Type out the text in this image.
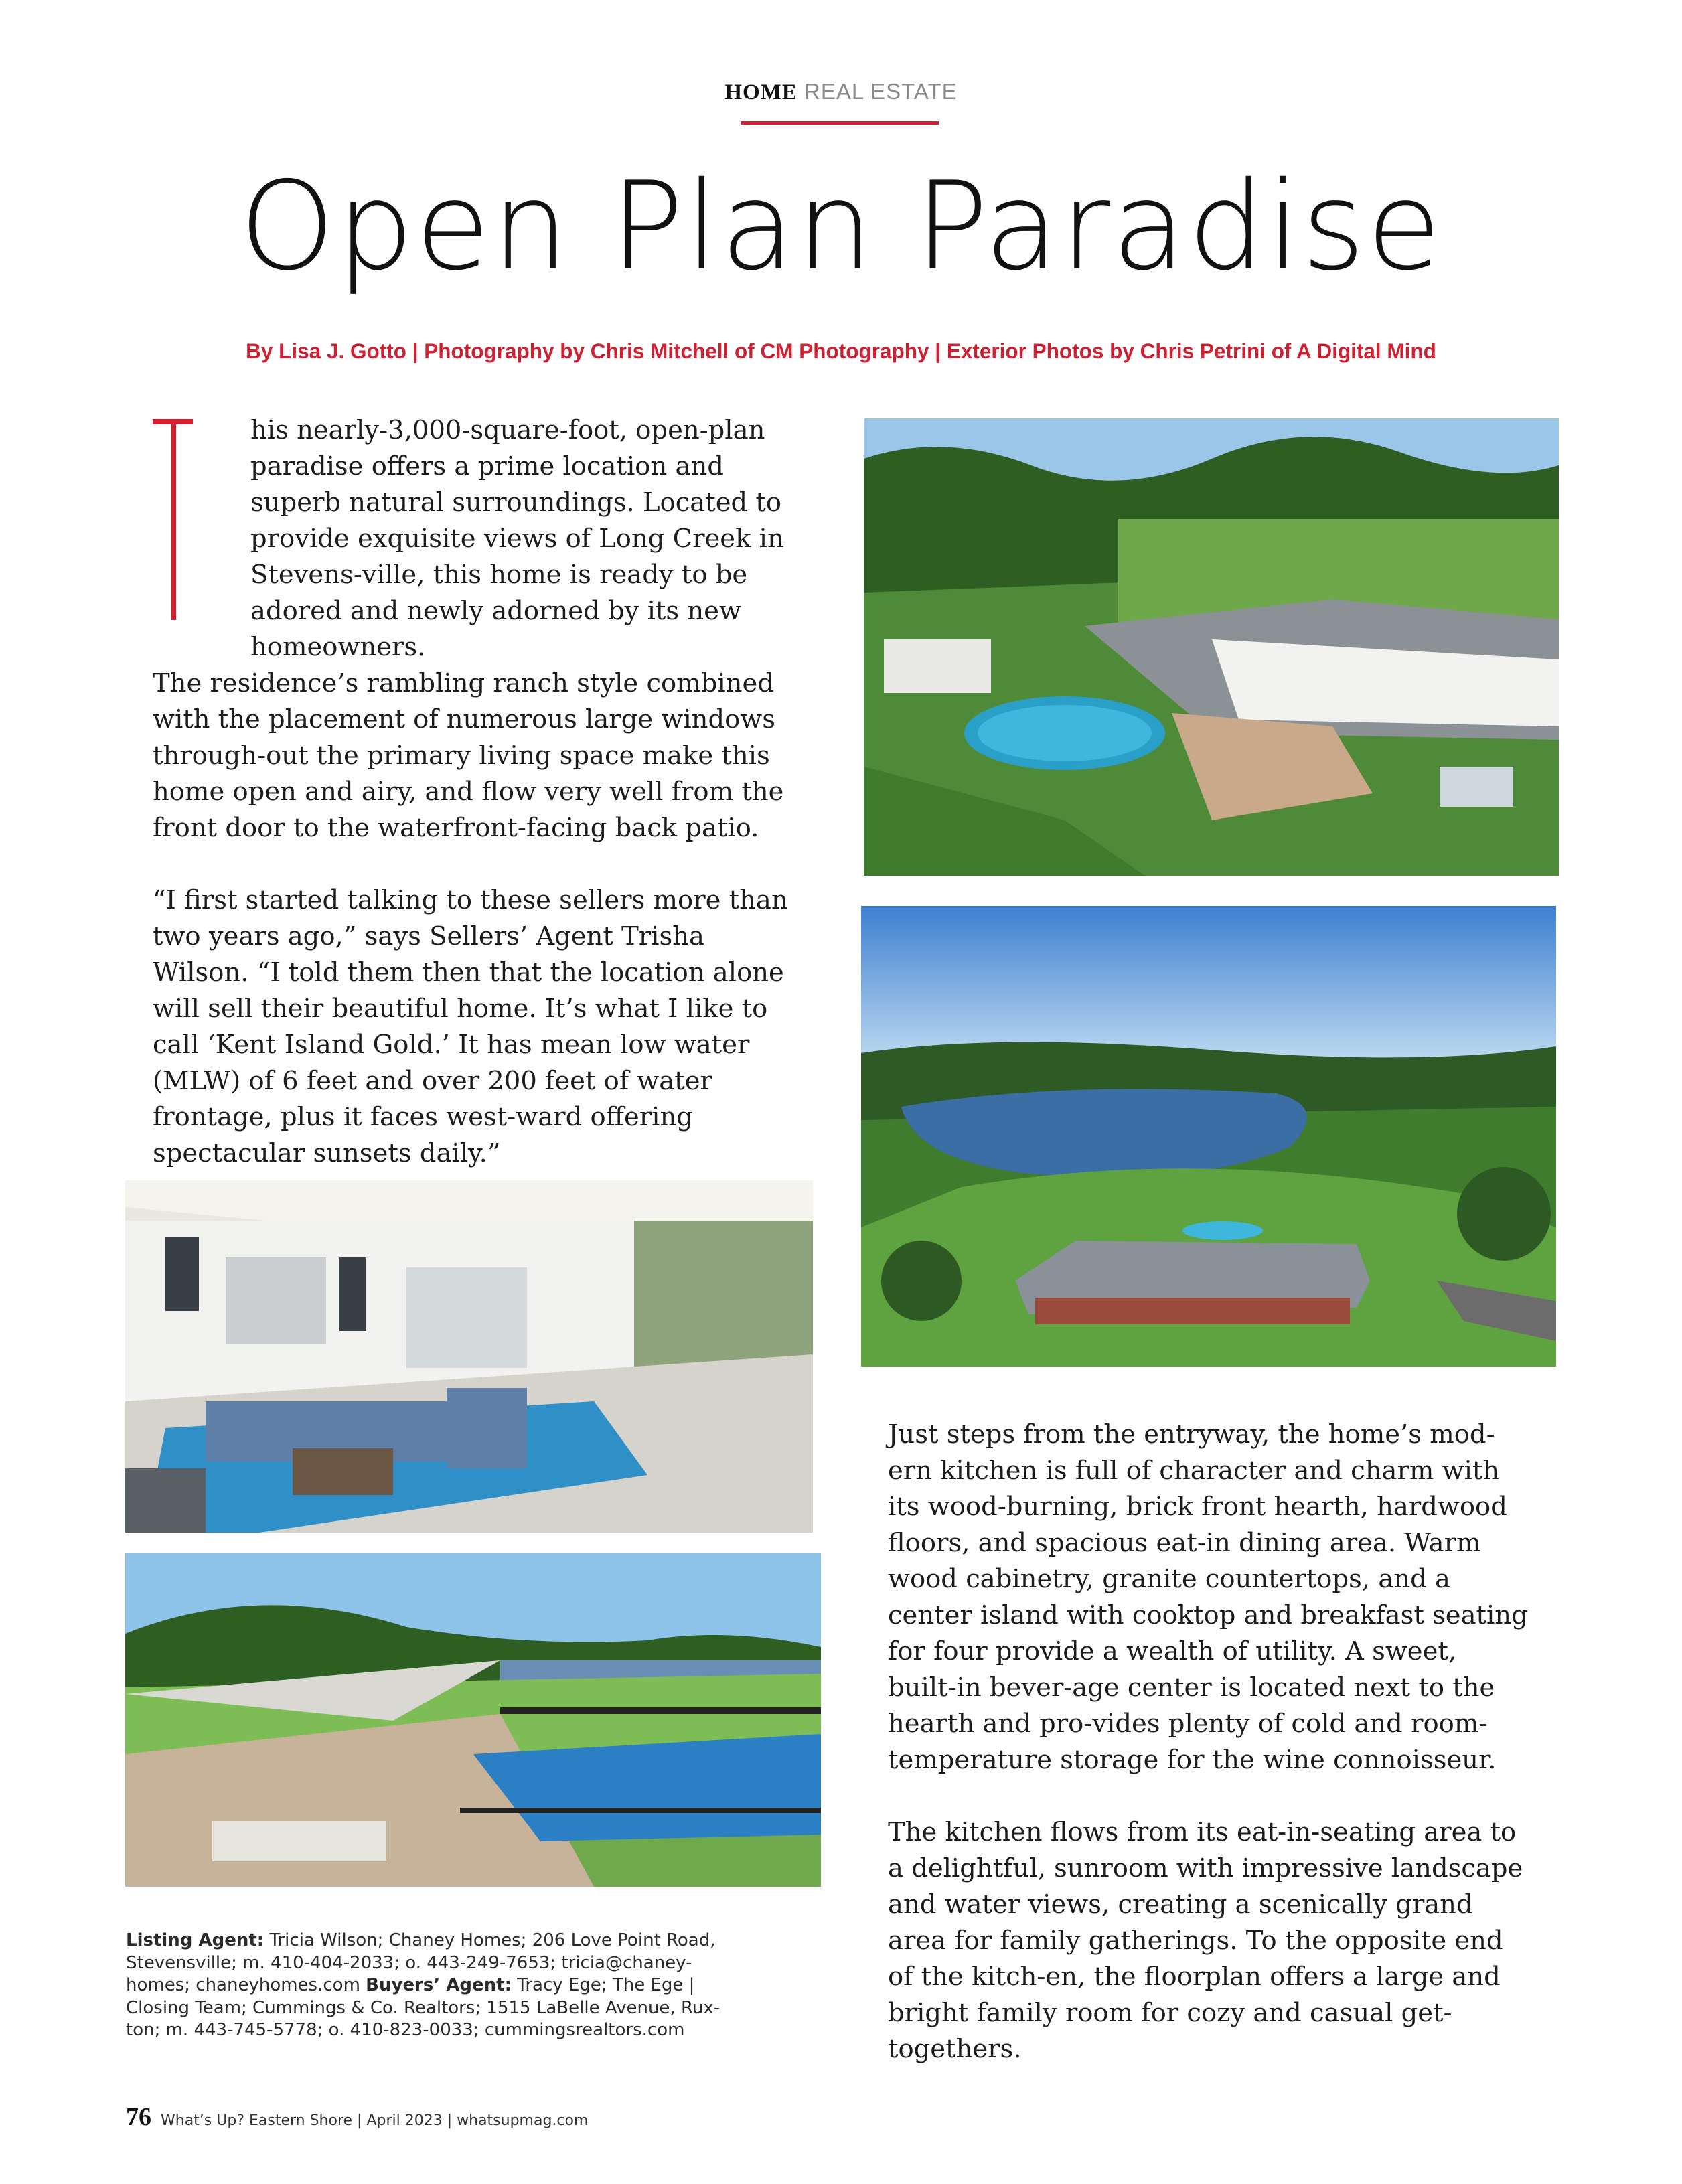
HOME REAL ESTATE
Open Plan Paradise
By Lisa J. Gotto | Photography by Chris Mitchell of CM Photography | Exterior Photos by Chris Petrini of A Digital Mind

his nearly-3,000-square-foot, open-plan paradise offers a prime location and superb natural surroundings. Located to provide exquisite views of Long Creek in Stevens-ville, this home is ready to be adored and newly adorned by its new homeowners.

The residence’s rambling ranch style combined with the placement of numerous large windows through-out the primary living space make this home open and airy, and flow very well from the front door to the waterfront-facing back patio.

“I first started talking to these sellers more than two years ago,” says Sellers’ Agent Trisha Wilson. “I told them then that the location alone will sell their beautiful home. It’s what I like to call ‘Kent Island Gold.’ It has mean low water (MLW) of 6 feet and over 200 feet of water frontage, plus it faces west-ward offering spectacular sunsets daily.”

Just steps from the entryway, the home’s mod-ern kitchen is full of character and charm with its wood-burning, brick front hearth, hardwood floors, and spacious eat-in dining area. Warm wood cabinetry, granite countertops, and a center island with cooktop and breakfast seating for four provide a wealth of utility. A sweet, built-in bever-age center is located next to the hearth and pro-vides plenty of cold and room-temperature storage for the wine connoisseur.

The kitchen flows from its eat-in-seating area to a delightful, sunroom with impressive landscape and water views, creating a scenically grand area for family gatherings. To the opposite end of the kitch-en, the floorplan offers a large and bright family room for cozy and casual get-togethers.

Listing Agent: Tricia Wilson; Chaney Homes; 206 Love Point Road, Stevensville; m. 410-404-2033; o. 443-249-7653; tricia@chaney-homes; chaneyhomes.com Buyers’ Agent: Tracy Ege; The Ege | Closing Team; Cummings & Co. Realtors; 1515 LaBelle Avenue, Rux-ton; m. 443-745-5778; o. 410-823-0033; cummingsrealtors.com
76 What’s Up? Eastern Shore | April 2023 | whatsupmag.com
